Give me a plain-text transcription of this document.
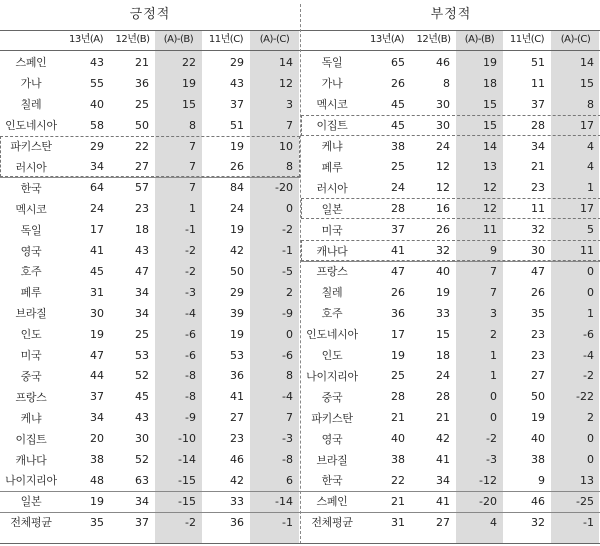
긍정적
13년(A)	12년(B)	(A)-(B)	11년(C)	(A)-(C)
스페인	43	21	22	29	14
가나	55	36	19	43	12
칠레	40	25	15	37	3
인도네시아	58	50	8	51	7
파키스탄	29	22	7	19	10
러시아	34	27	7	26	8
한국	64	57	7	84	-20
멕시코	24	23	1	24	0
독일	17	18	-1	19	-2
영국	41	43	-2	42	-1
호주	45	47	-2	50	-5
페루	31	34	-3	29	2
브라질	30	34	-4	39	-9
인도	19	25	-6	19	0
미국	47	53	-6	53	-6
중국	44	52	-8	36	8
프랑스	37	45	-8	41	-4
케냐	34	43	-9	27	7
이집트	20	30	-10	23	-3
캐나다	38	52	-14	46	-8
나이지리아	48	63	-15	42	6
일본	19	34	-15	33	-14
전체평균	35	37	-2	36	-1
부정적
13년(A)	12년(B)	(A)-(B)	11년(C)	(A)-(C)
독일	65	46	19	51	14
가나	26	8	18	11	15
멕시코	45	30	15	37	8
이집트	45	30	15	28	17
케냐	38	24	14	34	4
페루	25	12	13	21	4
러시아	24	12	12	23	1
일본	28	16	12	11	17
미국	37	26	11	32	5
캐나다	41	32	9	30	11
프랑스	47	40	7	47	0
칠레	26	19	7	26	0
호주	36	33	3	35	1
인도네시아	17	15	2	23	-6
인도	19	18	1	23	-4
나이지리아	25	24	1	27	-2
중국	28	28	0	50	-22
파키스탄	21	21	0	19	2
영국	40	42	-2	40	0
브라질	38	41	-3	38	0
한국	22	34	-12	9	13
스페인	21	41	-20	46	-25
전체평균	31	27	4	32	-1
